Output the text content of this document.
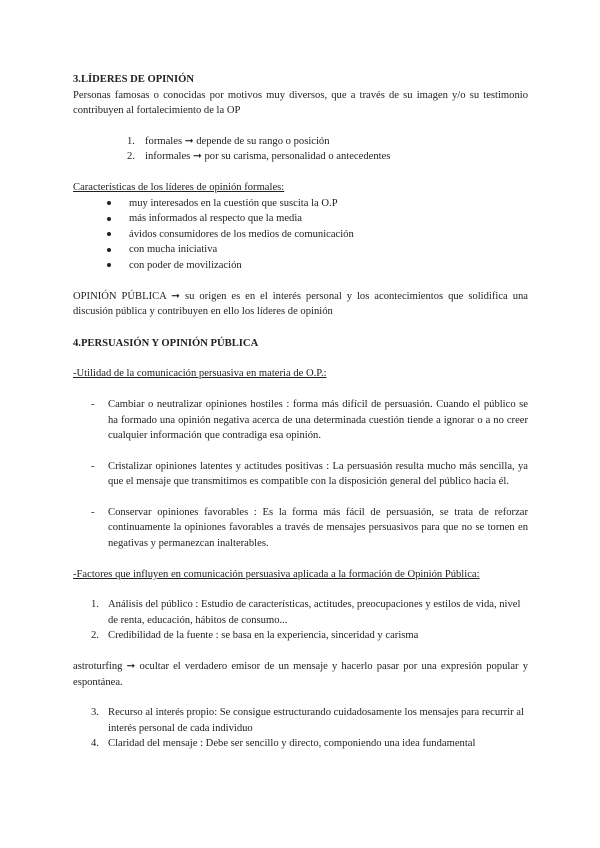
3.LÍDERES DE OPINIÓN

Personas famosas o conocidas por motivos muy diversos, que a través de su imagen y/o su testimonio contribuyen al fortalecimiento de la OP

1. formales ➞ depende de su rango o posición
2. informales ➞ por su carisma, personalidad o antecedentes

Características de los líderes de opinión formales:

muy interesados en la cuestión que suscita la O.P
más informados al respecto que la media
ávidos consumidores de los medios de comunicación
con mucha iniciativa
con poder de movilización

OPINIÓN PÚBLICA ➞ su origen es en el interés personal y los acontecimientos que solidifica una discusión pública y contribuyen en ello los líderes de opinión

4.PERSUASIÓN Y OPINIÓN PÚBLICA

-Utilidad de la comunicación persuasiva en materia de O.P.:

- Cambiar o neutralizar opiniones hostiles : forma más difícil de persuasión. Cuando el público se ha formado una opinión negativa acerca de una determinada cuestión tiende a ignorar o a no creer cualquier información que contradiga esa opinión.
- Cristalizar opiniones latentes y actitudes positivas : La persuasión resulta mucho más sencilla, ya que el mensaje que transmitimos es compatible con la disposición general del público hacia él.
- Conservar opiniones favorables : Es la forma más fácil de persuasión, se trata de reforzar continuamente la opiniones favorables a través de mensajes persuasivos para que no se tornen en negativas y permanezcan inalterables.

-Factores que influyen en comunicación persuasiva aplicada a la formación de Opinión Pública:

1. Análisis del público : Estudio de características, actitudes, preocupaciones y estilos de vida, nivel de renta, educación, hábitos de consumo...
2. Credibilidad de la fuente : se basa en la experiencia, sinceridad y carisma

astroturfing ➞ ocultar el verdadero emisor de un mensaje y hacerlo pasar por una expresión popular y espontánea.

3. Recurso al interés propio: Se consigue estructurando cuidadosamente los mensajes para recurrir al interés personal de cada individuo
4. Claridad del mensaje : Debe ser sencillo y directo, componiendo una idea fundamental
